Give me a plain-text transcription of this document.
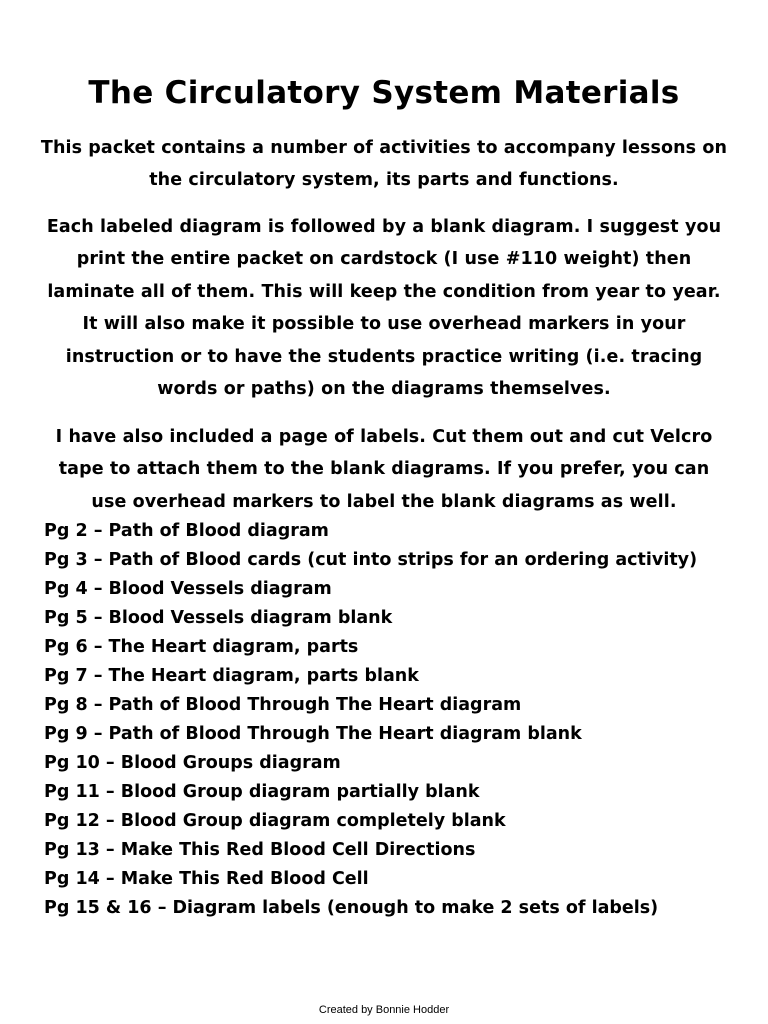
The Circulatory System Materials

This packet contains a number of activities to accompany lessons on the circulatory system, its parts and functions.

Each labeled diagram is followed by a blank diagram. I suggest you print the entire packet on cardstock (I use #110 weight) then laminate all of them. This will keep the condition from year to year. It will also make it possible to use overhead markers in your instruction or to have the students practice writing (i.e. tracing words or paths) on the diagrams themselves.

I have also included a page of labels. Cut them out and cut Velcro tape to attach them to the blank diagrams. If you prefer, you can use overhead markers to label the blank diagrams as well.

Pg 2 – Path of Blood diagram
Pg 3 – Path of Blood cards (cut into strips for an ordering activity)
Pg 4 – Blood Vessels diagram
Pg 5 – Blood Vessels diagram blank
Pg 6 – The Heart diagram, parts
Pg 7 – The Heart diagram, parts blank
Pg 8 – Path of Blood Through The Heart diagram
Pg 9 – Path of Blood Through The Heart diagram blank
Pg 10 – Blood Groups diagram
Pg 11 – Blood Group diagram partially blank
Pg 12 – Blood Group diagram completely blank
Pg 13 – Make This Red Blood Cell Directions
Pg 14 – Make This Red Blood Cell
Pg 15 & 16 – Diagram labels (enough to make 2 sets of labels)
Created by Bonnie Hodder
